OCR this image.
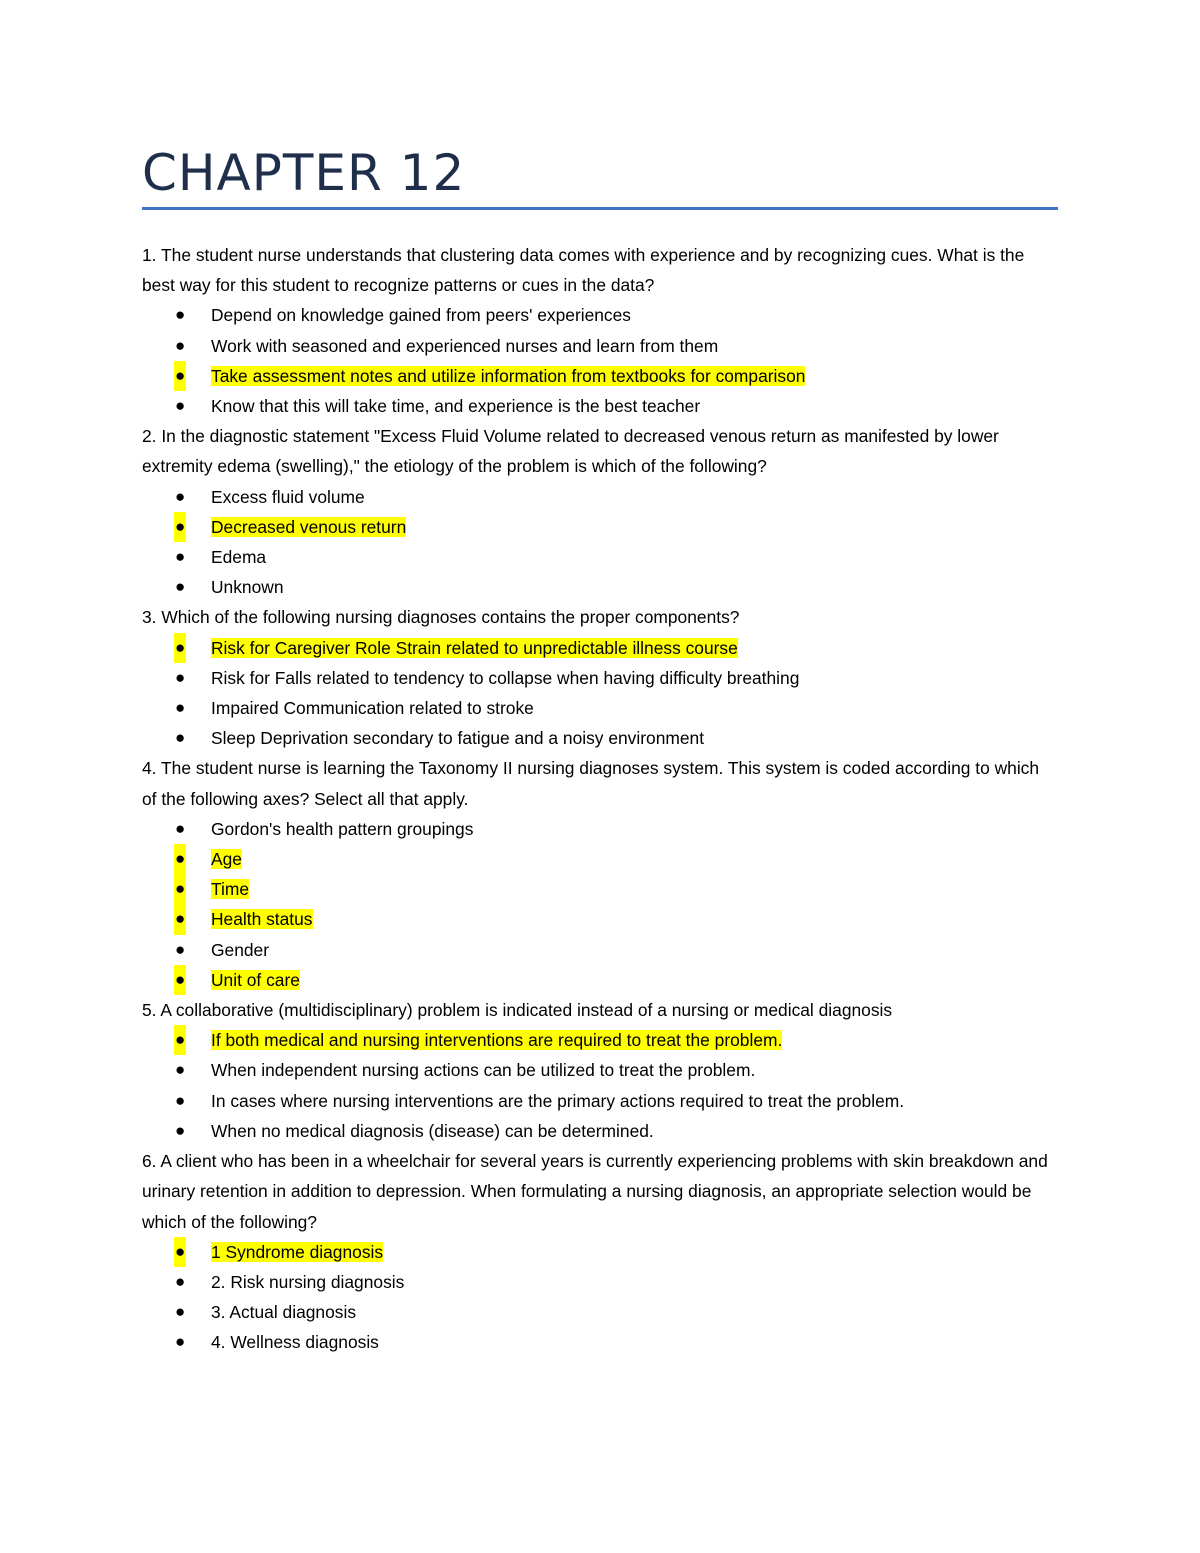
CHAPTER 12

1. The student nurse understands that clustering data comes with experience and by recognizing cues. What is the best way for this student to recognize patterns or cues in the data?

● Depend on knowledge gained from peers' experiences
● Work with seasoned and experienced nurses and learn from them
● Take assessment notes and utilize information from textbooks for comparison
● Know that this will take time, and experience is the best teacher

2. In the diagnostic statement "Excess Fluid Volume related to decreased venous return as manifested by lower extremity edema (swelling)," the etiology of the problem is which of the following?

● Excess fluid volume
● Decreased venous return
● Edema
● Unknown

3. Which of the following nursing diagnoses contains the proper components?

● Risk for Caregiver Role Strain related to unpredictable illness course
● Risk for Falls related to tendency to collapse when having difficulty breathing
● Impaired Communication related to stroke
● Sleep Deprivation secondary to fatigue and a noisy environment

4. The student nurse is learning the Taxonomy II nursing diagnoses system. This system is coded according to which of the following axes? Select all that apply.

● Gordon's health pattern groupings
● Age
● Time
● Health status
● Gender
● Unit of care

5. A collaborative (multidisciplinary) problem is indicated instead of a nursing or medical diagnosis

● If both medical and nursing interventions are required to treat the problem.
● When independent nursing actions can be utilized to treat the problem.
● In cases where nursing interventions are the primary actions required to treat the problem.
● When no medical diagnosis (disease) can be determined.

6. A client who has been in a wheelchair for several years is currently experiencing problems with skin breakdown and urinary retention in addition to depression. When formulating a nursing diagnosis, an appropriate selection would be which of the following?

● 1 Syndrome diagnosis
● 2. Risk nursing diagnosis
● 3. Actual diagnosis
● 4. Wellness diagnosis
